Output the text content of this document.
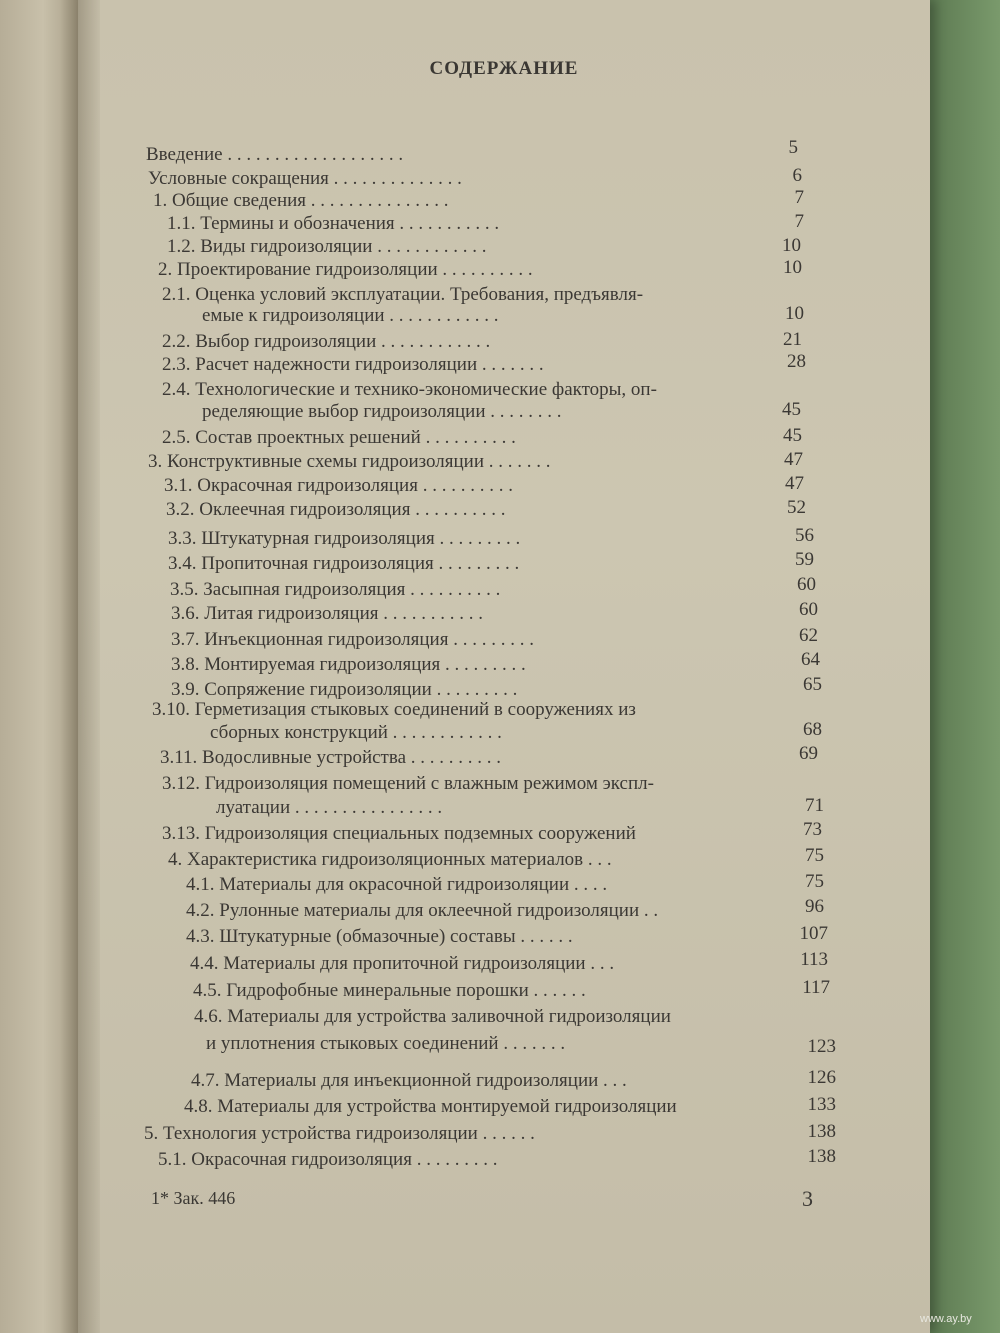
СОДЕРЖАНИЕ
Введение . . . . . . . . . . . . . . . . . . .	5
Условные сокращения . . . . . . . . . . . . . .	6
1. Общие сведения . . . . . . . . . . . . . . .	7
1.1. Термины и обозначения . . . . . . . . . . .	7
1.2. Виды гидроизоляции . . . . . . . . . . . .	10
2. Проектирование гидроизоляции . . . . . . . . . .	10
2.1. Оценка условий эксплуатации. Требования, предъявля-
емые к гидроизоляции . . . . . . . . . . . .	10
2.2. Выбор гидроизоляции . . . . . . . . . . . .	21
2.3. Расчет надежности гидроизоляции . . . . . . .	28
2.4. Технологические и технико-экономические факторы, оп-
ределяющие выбор гидроизоляции . . . . . . . .	45
2.5. Состав проектных решений . . . . . . . . . .	45
3. Конструктивные схемы гидроизоляции . . . . . . .	47
3.1. Окрасочная гидроизоляция . . . . . . . . . .	47
3.2. Оклеечная гидроизоляция . . . . . . . . . .	52
3.3. Штукатурная гидроизоляция . . . . . . . . .	56
3.4. Пропиточная гидроизоляция . . . . . . . . .	59
3.5. Засыпная гидроизоляция . . . . . . . . . .	60
3.6. Литая гидроизоляция . . . . . . . . . . .	60
3.7. Инъекционная гидроизоляция . . . . . . . . .	62
3.8. Монтируемая гидроизоляция . . . . . . . . .	64
3.9. Сопряжение гидроизоляции . . . . . . . . .	65
3.10. Герметизация стыковых соединений в сооружениях из
сборных конструкций . . . . . . . . . . . .	68
3.11. Водосливные устройства . . . . . . . . . .	69
3.12. Гидроизоляция помещений с влажным режимом экспл-
луатации . . . . . . . . . . . . . . . .	71
3.13. Гидроизоляция специальных подземных сооружений	73
4. Характеристика гидроизоляционных материалов . . .	75
4.1. Материалы для окрасочной гидроизоляции . . . .	75
4.2. Рулонные материалы для оклеечной гидроизоляции . .	96
4.3. Штукатурные (обмазочные) составы . . . . . .	107
4.4. Материалы для пропиточной гидроизоляции . . .	113
4.5. Гидрофобные минеральные порошки . . . . . .	117
4.6. Материалы для устройства заливочной гидроизоляции
и уплотнения стыковых соединений . . . . . . .	123
4.7. Материалы для инъекционной гидроизоляции . . .	126
4.8. Материалы для устройства монтируемой гидроизоляции	133
5. Технология устройства гидроизоляции . . . . . .	138
5.1. Окрасочная гидроизоляция . . . . . . . . .	138
1* Зак. 446	3
www.ay.by
